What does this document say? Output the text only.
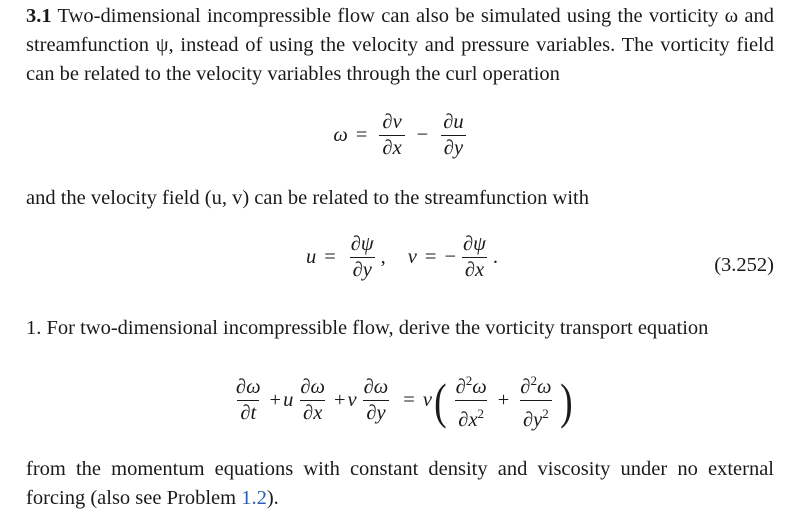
3.1 Two-dimensional incompressible flow can also be simulated using the vorticity ω and streamfunction ψ, instead of using the velocity and pressure variables. The vorticity field can be related to the velocity variables through the curl operation
$\omega = \frac{\partial v}{\partial x} - \frac{\partial u}{\partial y}$
and the velocity field (u, v) can be related to the streamfunction with
$u = \frac{\partial\psi}{\partial y}$ , v = − $\frac{\partial\psi}{\partial x}$ .	(3.252)
1. For two-dimensional incompressible flow, derive the vorticity transport equation
$\frac{\partial\omega}{\partial t} + u \frac{\partial\omega}{\partial x} + v \frac{\partial\omega}{\partial y} = \nu$ ( $\frac{\partial^2\omega}{\partial x^2} + \frac{\partial^2\omega}{\partial y^2}$ )
from the momentum equations with constant density and viscosity under no external forcing (also see Problem 1.2).
